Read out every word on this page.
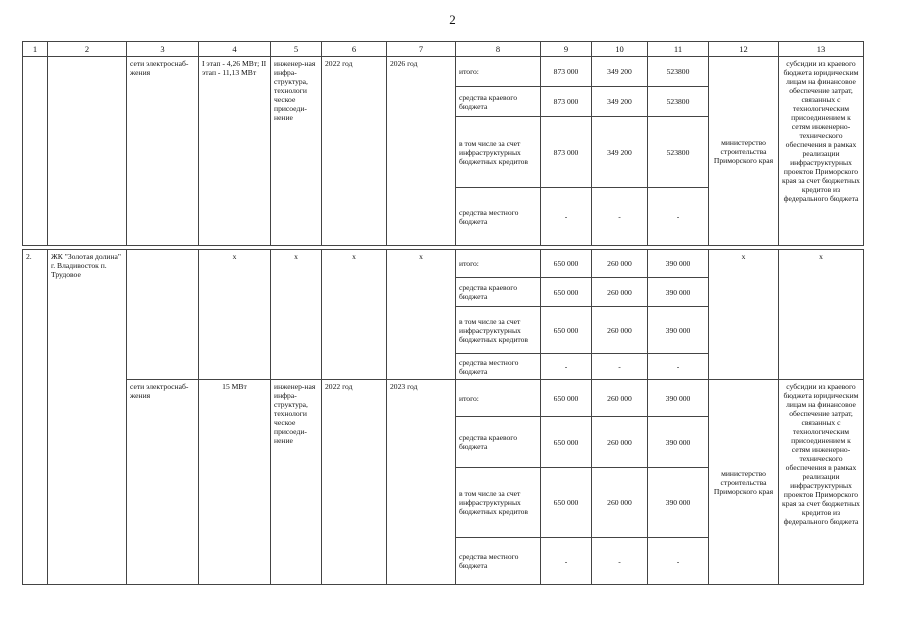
2
1	2	3	4	5	6	7	8	9	10	11	12	13
		сети электроснаб-жения	I этап - 4,26 МВт; II этап - 11,13 МВт	инженер-ная инфра-структура, технологи ческое присоеди-нение	2022 год	2026 год	итого:	873 000	349 200	523800	министерство строительства Приморского края	субсидии из краевого бюджета юридическим лицам на финансовое обеспечение затрат, связанных с технологическим присоединением к сетям инженерно-технического обеспечения в рамках реализации инфраструктурных проектов Приморского края за счет бюджетных кредитов из федерального бюджета
							средства краевого бюджета	873 000	349 200	523800		
							в том числе за счет инфраструктурных бюджетных кредитов	873 000	349 200	523800		
							средства местного бюджета	-	-	-		
2.	ЖК "Золотая долина" г. Владивосток п. Трудовое		x	x	x	x	итого:	650 000	260 000	390 000	x	x
							средства краевого бюджета	650 000	260 000	390 000		
							в том числе за счет инфраструктурных бюджетных кредитов	650 000	260 000	390 000		
							средства местного бюджета	-	-	-		
		сети электроснаб-жения	15 МВт	инженер-ная инфра-структура, технологи ческое присоеди-нение	2022 год	2023 год	итого:	650 000	260 000	390 000	министерство строительства Приморского края	субсидии из краевого бюджета юридическим лицам на финансовое обеспечение затрат, связанных с технологическим присоединением к сетям инженерно-технического обеспечения в рамках реализации инфраструктурных проектов Приморского края за счет бюджетных кредитов из федерального бюджета
							средства краевого бюджета	650 000	260 000	390 000		
							в том числе за счет инфраструктурных бюджетных кредитов	650 000	260 000	390 000		
							средства местного бюджета	-	-	-		
